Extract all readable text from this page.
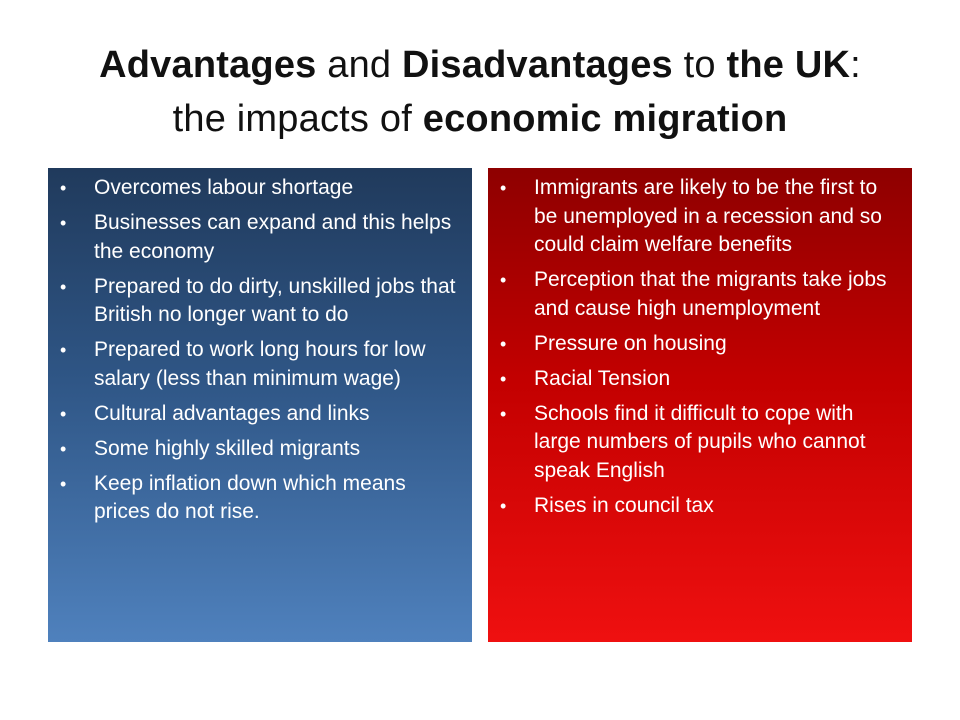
Advantages and Disadvantages to the UK:
the impacts of economic migration
•	Overcomes labour shortage
•	Businesses can expand and this helps the economy
•	Prepared to do dirty, unskilled jobs that British no longer want to do
•	Prepared to work long hours for low salary (less than minimum wage)
•	Cultural advantages and links
•	Some highly skilled migrants
•	Keep inflation down which means prices do not rise.
•	Immigrants are likely to be the first to be unemployed in a recession and so could claim welfare benefits
•	Perception that the migrants take jobs and cause high unemployment
•	Pressure on housing
•	Racial Tension
•	Schools find it difficult to cope with large numbers of pupils who cannot speak English
•	Rises in council tax
